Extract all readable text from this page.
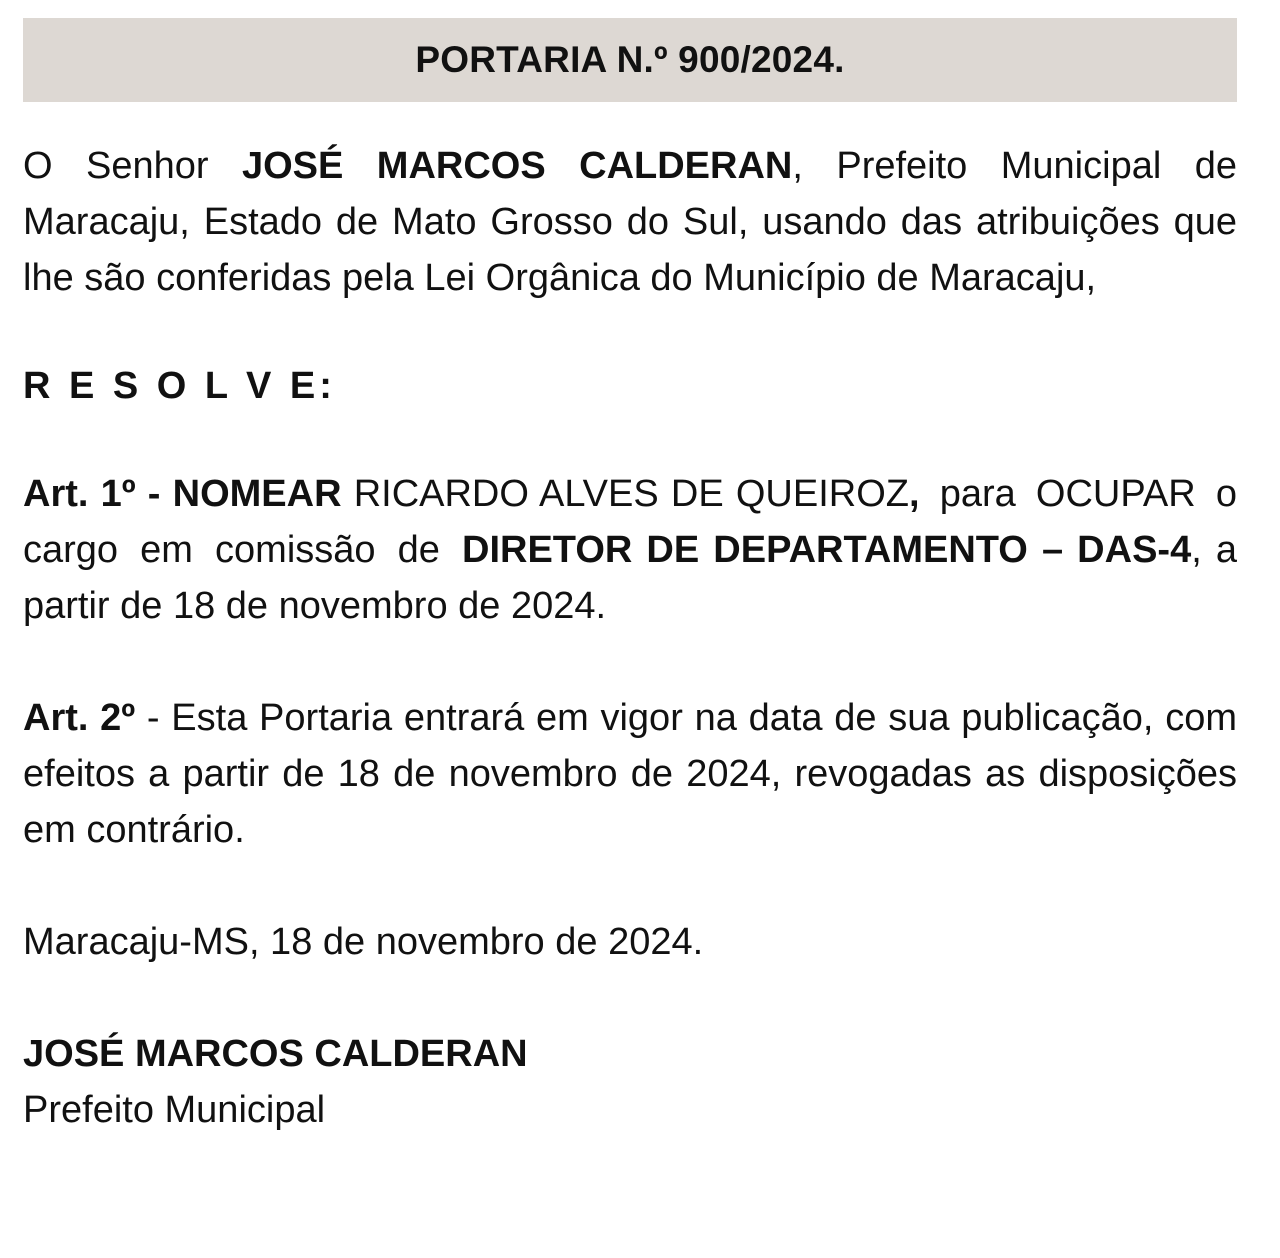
PORTARIA N.º 900/2024.

O Senhor JOSÉ MARCOS CALDERAN, Prefeito Municipal de Maracaju, Estado de Mato Grosso do Sul, usando das atribuições que lhe são conferidas pela Lei Orgânica do Município de Maracaju,

R E S O L V E:

Art. 1º - NOMEAR RICARDO ALVES DE QUEIROZ, para OCUPAR o cargo em comissão de DIRETOR DE DEPARTAMENTO – DAS-4, a partir de 18 de novembro de 2024.

Art. 2º - Esta Portaria entrará em vigor na data de sua publicação, com efeitos a partir de 18 de novembro de 2024, revogadas as disposições em contrário.

Maracaju-MS, 18 de novembro de 2024.

JOSÉ MARCOS CALDERAN

Prefeito Municipal
